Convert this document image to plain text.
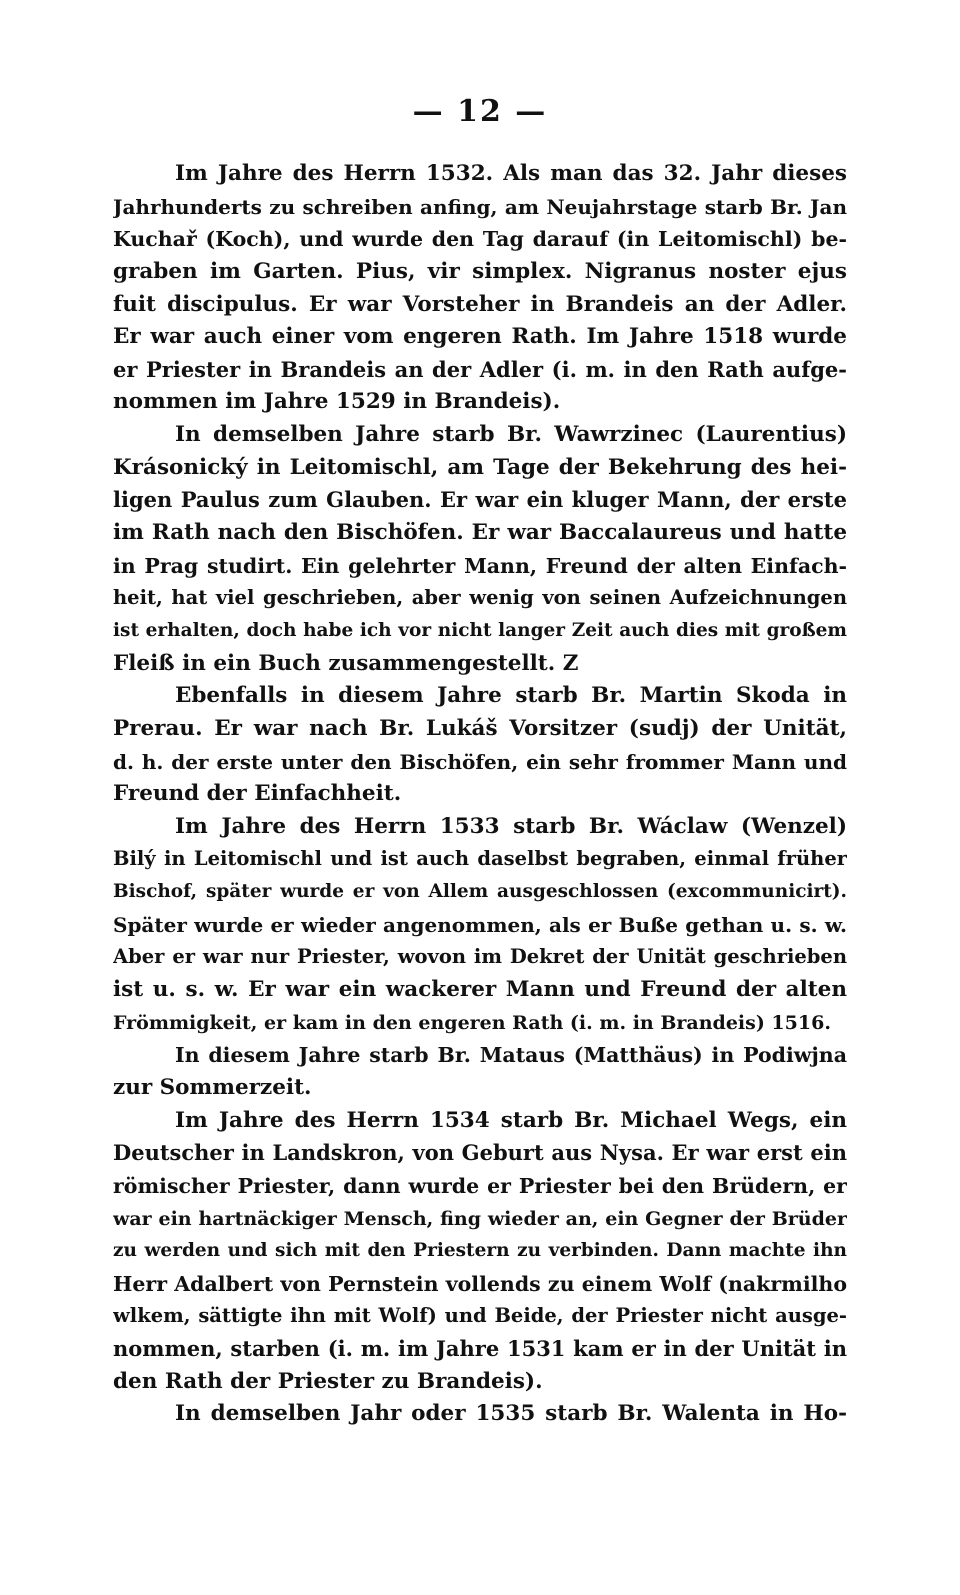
— 12 —
Im Jahre des Herrn 1532. Als man das 32. Jahr dieses
Jahrhunderts zu schreiben anfing, am Neujahrstage starb Br. Jan
Kuchař (Koch), und wurde den Tag darauf (in Leitomischl) be-
graben im Garten. Pius, vir simplex. Nigranus noster ejus
fuit discipulus. Er war Vorsteher in Brandeis an der Adler.
Er war auch einer vom engeren Rath. Im Jahre 1518 wurde
er Priester in Brandeis an der Adler (i. m. in den Rath aufge-
nommen im Jahre 1529 in Brandeis).
In demselben Jahre starb Br. Wawrzinec (Laurentius)
Krásonický in Leitomischl, am Tage der Bekehrung des hei-
ligen Paulus zum Glauben. Er war ein kluger Mann, der erste
im Rath nach den Bischöfen. Er war Baccalaureus und hatte
in Prag studirt. Ein gelehrter Mann, Freund der alten Einfach-
heit, hat viel geschrieben, aber wenig von seinen Aufzeichnungen
ist erhalten, doch habe ich vor nicht langer Zeit auch dies mit großem
Fleiß in ein Buch zusammengestellt. Z
Ebenfalls in diesem Jahre starb Br. Martin Skoda in
Prerau. Er war nach Br. Lukáš Vorsitzer (sudj) der Unität,
d. h. der erste unter den Bischöfen, ein sehr frommer Mann und
Freund der Einfachheit.
Im Jahre des Herrn 1533 starb Br. Wáclaw (Wenzel)
Bilý in Leitomischl und ist auch daselbst begraben, einmal früher
Bischof, später wurde er von Allem ausgeschlossen (excommunicirt).
Später wurde er wieder angenommen, als er Buße gethan u. s. w.
Aber er war nur Priester, wovon im Dekret der Unität geschrieben
ist u. s. w. Er war ein wackerer Mann und Freund der alten
Frömmigkeit, er kam in den engeren Rath (i. m. in Brandeis) 1516.
In diesem Jahre starb Br. Mataus (Matthäus) in Podiwjna
zur Sommerzeit.
Im Jahre des Herrn 1534 starb Br. Michael Wegs, ein
Deutscher in Landskron, von Geburt aus Nysa. Er war erst ein
römischer Priester, dann wurde er Priester bei den Brüdern, er
war ein hartnäckiger Mensch, fing wieder an, ein Gegner der Brüder
zu werden und sich mit den Priestern zu verbinden. Dann machte ihn
Herr Adalbert von Pernstein vollends zu einem Wolf (nakrmilho
wlkem, sättigte ihn mit Wolf) und Beide, der Priester nicht ausge-
nommen, starben (i. m. im Jahre 1531 kam er in der Unität in
den Rath der Priester zu Brandeis).
In demselben Jahr oder 1535 starb Br. Walenta in Ho-
